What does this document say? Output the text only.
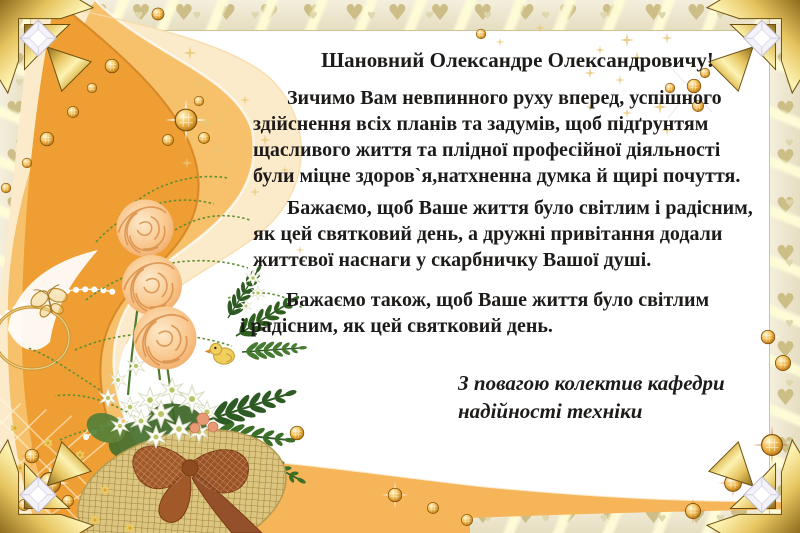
♥ ♥ ♥ ♥ ♥ ♥ ♥ ♥ ♥ ♥ ♥ ♥ ♥ ♥ ♥ ♥ ♥ ♥ ♥ ♥ ♥ ♥ ♥ ♥ ♥ ♥ ♥ ♥ ♥ ♥
♥ ♥ ♥ ♥ ♥ ♥ ♥ ♥ ♥ ♥ ♥ ♥ ♥ ♥ ♥ ♥ ♥ ♥ ♥ ♥ ♥ ♥ ♥ ♥ ♥ ♥ ♥ ♥ ♥ ♥
♥ ♥ ♥ ♥ ♥ ♥ ♥ ♥ ♥ ♥ ♥ ♥ ♥ ♥ ♥ ♥ ♥ ♥ ♥ ♥ ♥ ♥ ♥ ♥ ♥ ♥ ♥ ♥ ♥ ♥
♥ ♥ ♥ ♥ ♥ ♥ ♥ ♥ ♥ ♥ ♥ ♥ ♥ ♥ ♥ ♥ ♥ ♥ ♥ ♥ ♥ ♥ ♥ ♥ ♥ ♥ ♥ ♥ ♥ ♥
♥ ♥ ♥ ♥ ♥ ♥ ♥ ♥ ♥ ♥ ♥ ♥ ♥ ♥ ♥ ♥ ♥ ♥ ♥ ♥
♥ ♥ ♥ ♥ ♥ ♥ ♥ ♥ ♥ ♥ ♥ ♥ ♥ ♥ ♥ ♥ ♥ ♥ ♥ ♥
♥ ♥ ♥ ♥ ♥ ♥ ♥ ♥ ♥ ♥ ♥ ♥ ♥ ♥ ♥ ♥ ♥ ♥ ♥ ♥
♥ ♥ ♥ ♥ ♥ ♥ ♥ ♥ ♥ ♥ ♥ ♥ ♥ ♥ ♥ ♥ ♥ ♥ ♥ ♥
Шановний Олександре Олександровичу!
Зичимо Вам невпинного руху вперед, успішного
здійснення всіх планів та задумів, щоб підґрунтям
щасливого життя та плідної професійної діяльності
були міцне здоров`я,натхненна думка й щирі почуття.
Бажаємо, щоб Ваше життя було світлим і радісним,
як цей святковий день, а дружні привітання додали
життєвої наснаги у скарбничку Вашої душі.
Бажаємо також, щоб Ваше життя було світлим
і радісним, як цей святковий день.
З повагою колектив кафедри
надійності техніки
